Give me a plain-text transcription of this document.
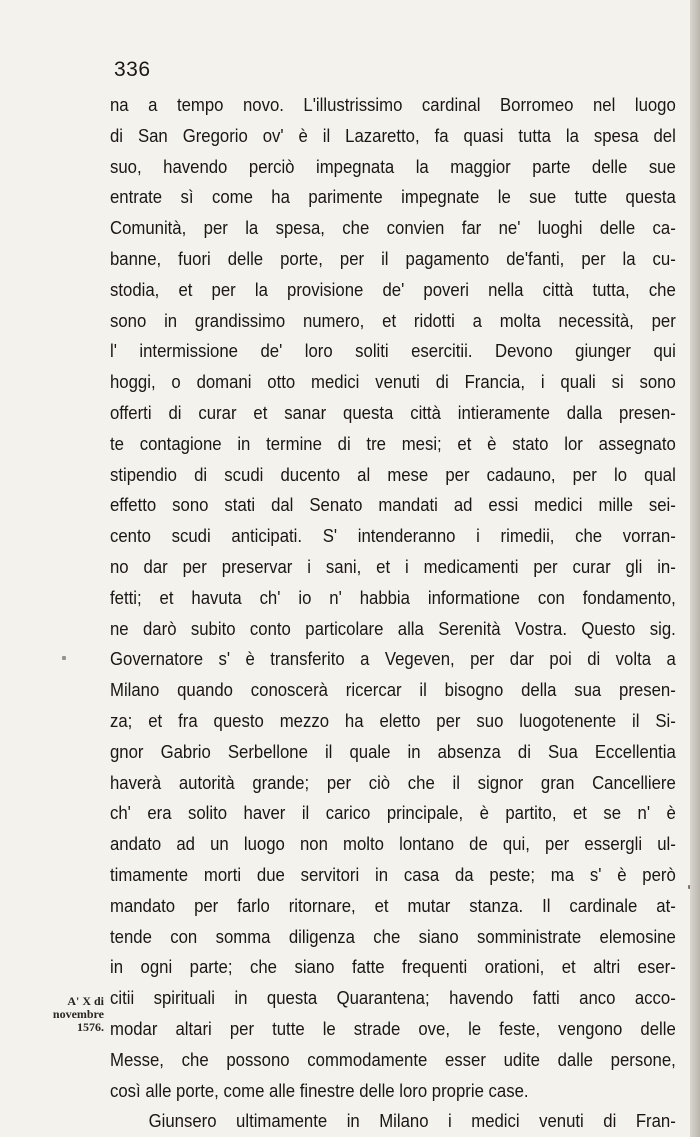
336
na a tempo novo. L'illustrissimo cardinal Borromeo nel luogo
di San Gregorio ov' è il Lazaretto, fa quasi tutta la spesa del
suo, havendo perciò impegnata la maggior parte delle sue
entrate sì come ha parimente impegnate le sue tutte questa
Comunità, per la spesa, che convien far ne' luoghi delle ca-
banne, fuori delle porte, per il pagamento de'fanti, per la cu-
stodia, et per la provisione de' poveri nella città tutta, che
sono in grandissimo numero, et ridotti a molta necessità, per
l' intermissione de' loro soliti esercitii. Devono giunger qui
hoggi, o domani otto medici venuti di Francia, i quali si sono
offerti di curar et sanar questa città intieramente dalla presen-
te contagione in termine di tre mesi; et è stato lor assegnato
stipendio di scudi ducento al mese per cadauno, per lo qual
effetto sono stati dal Senato mandati ad essi medici mille sei-
cento scudi anticipati. S' intenderanno i rimedii, che vorran-
no dar per preservar i sani, et i medicamenti per curar gli in-
fetti; et havuta ch' io n' habbia informatione con fondamento,
ne darò subito conto particolare alla Serenità Vostra. Questo sig.
Governatore s' è transferito a Vegeven, per dar poi di volta a
Milano quando conoscerà ricercar il bisogno della sua presen-
za; et fra questo mezzo ha eletto per suo luogotenente il Si-
gnor Gabrio Serbellone il quale in absenza di Sua Eccellentia
haverà autorità grande; per ciò che il signor gran Cancelliere
ch' era solito haver il carico principale, è partito, et se n' è
andato ad un luogo non molto lontano de qui, per essergli ul-
timamente morti due servitori in casa da peste; ma s' è però
mandato per farlo ritornare, et mutar stanza. Il cardinale at-
tende con somma diligenza che siano somministrate elemosine
in ogni parte; che siano fatte frequenti orationi, et altri eser-
citii spirituali in questa Quarantena; havendo fatti anco acco-
modar altari per tutte le strade ove, le feste, vengono delle
Messe, che possono commodamente esser udite dalle persone,
così alle porte, come alle finestre delle loro proprie case.
Giunsero ultimamente in Milano i medici venuti di Fran-
A' X di
novembre
1576.
